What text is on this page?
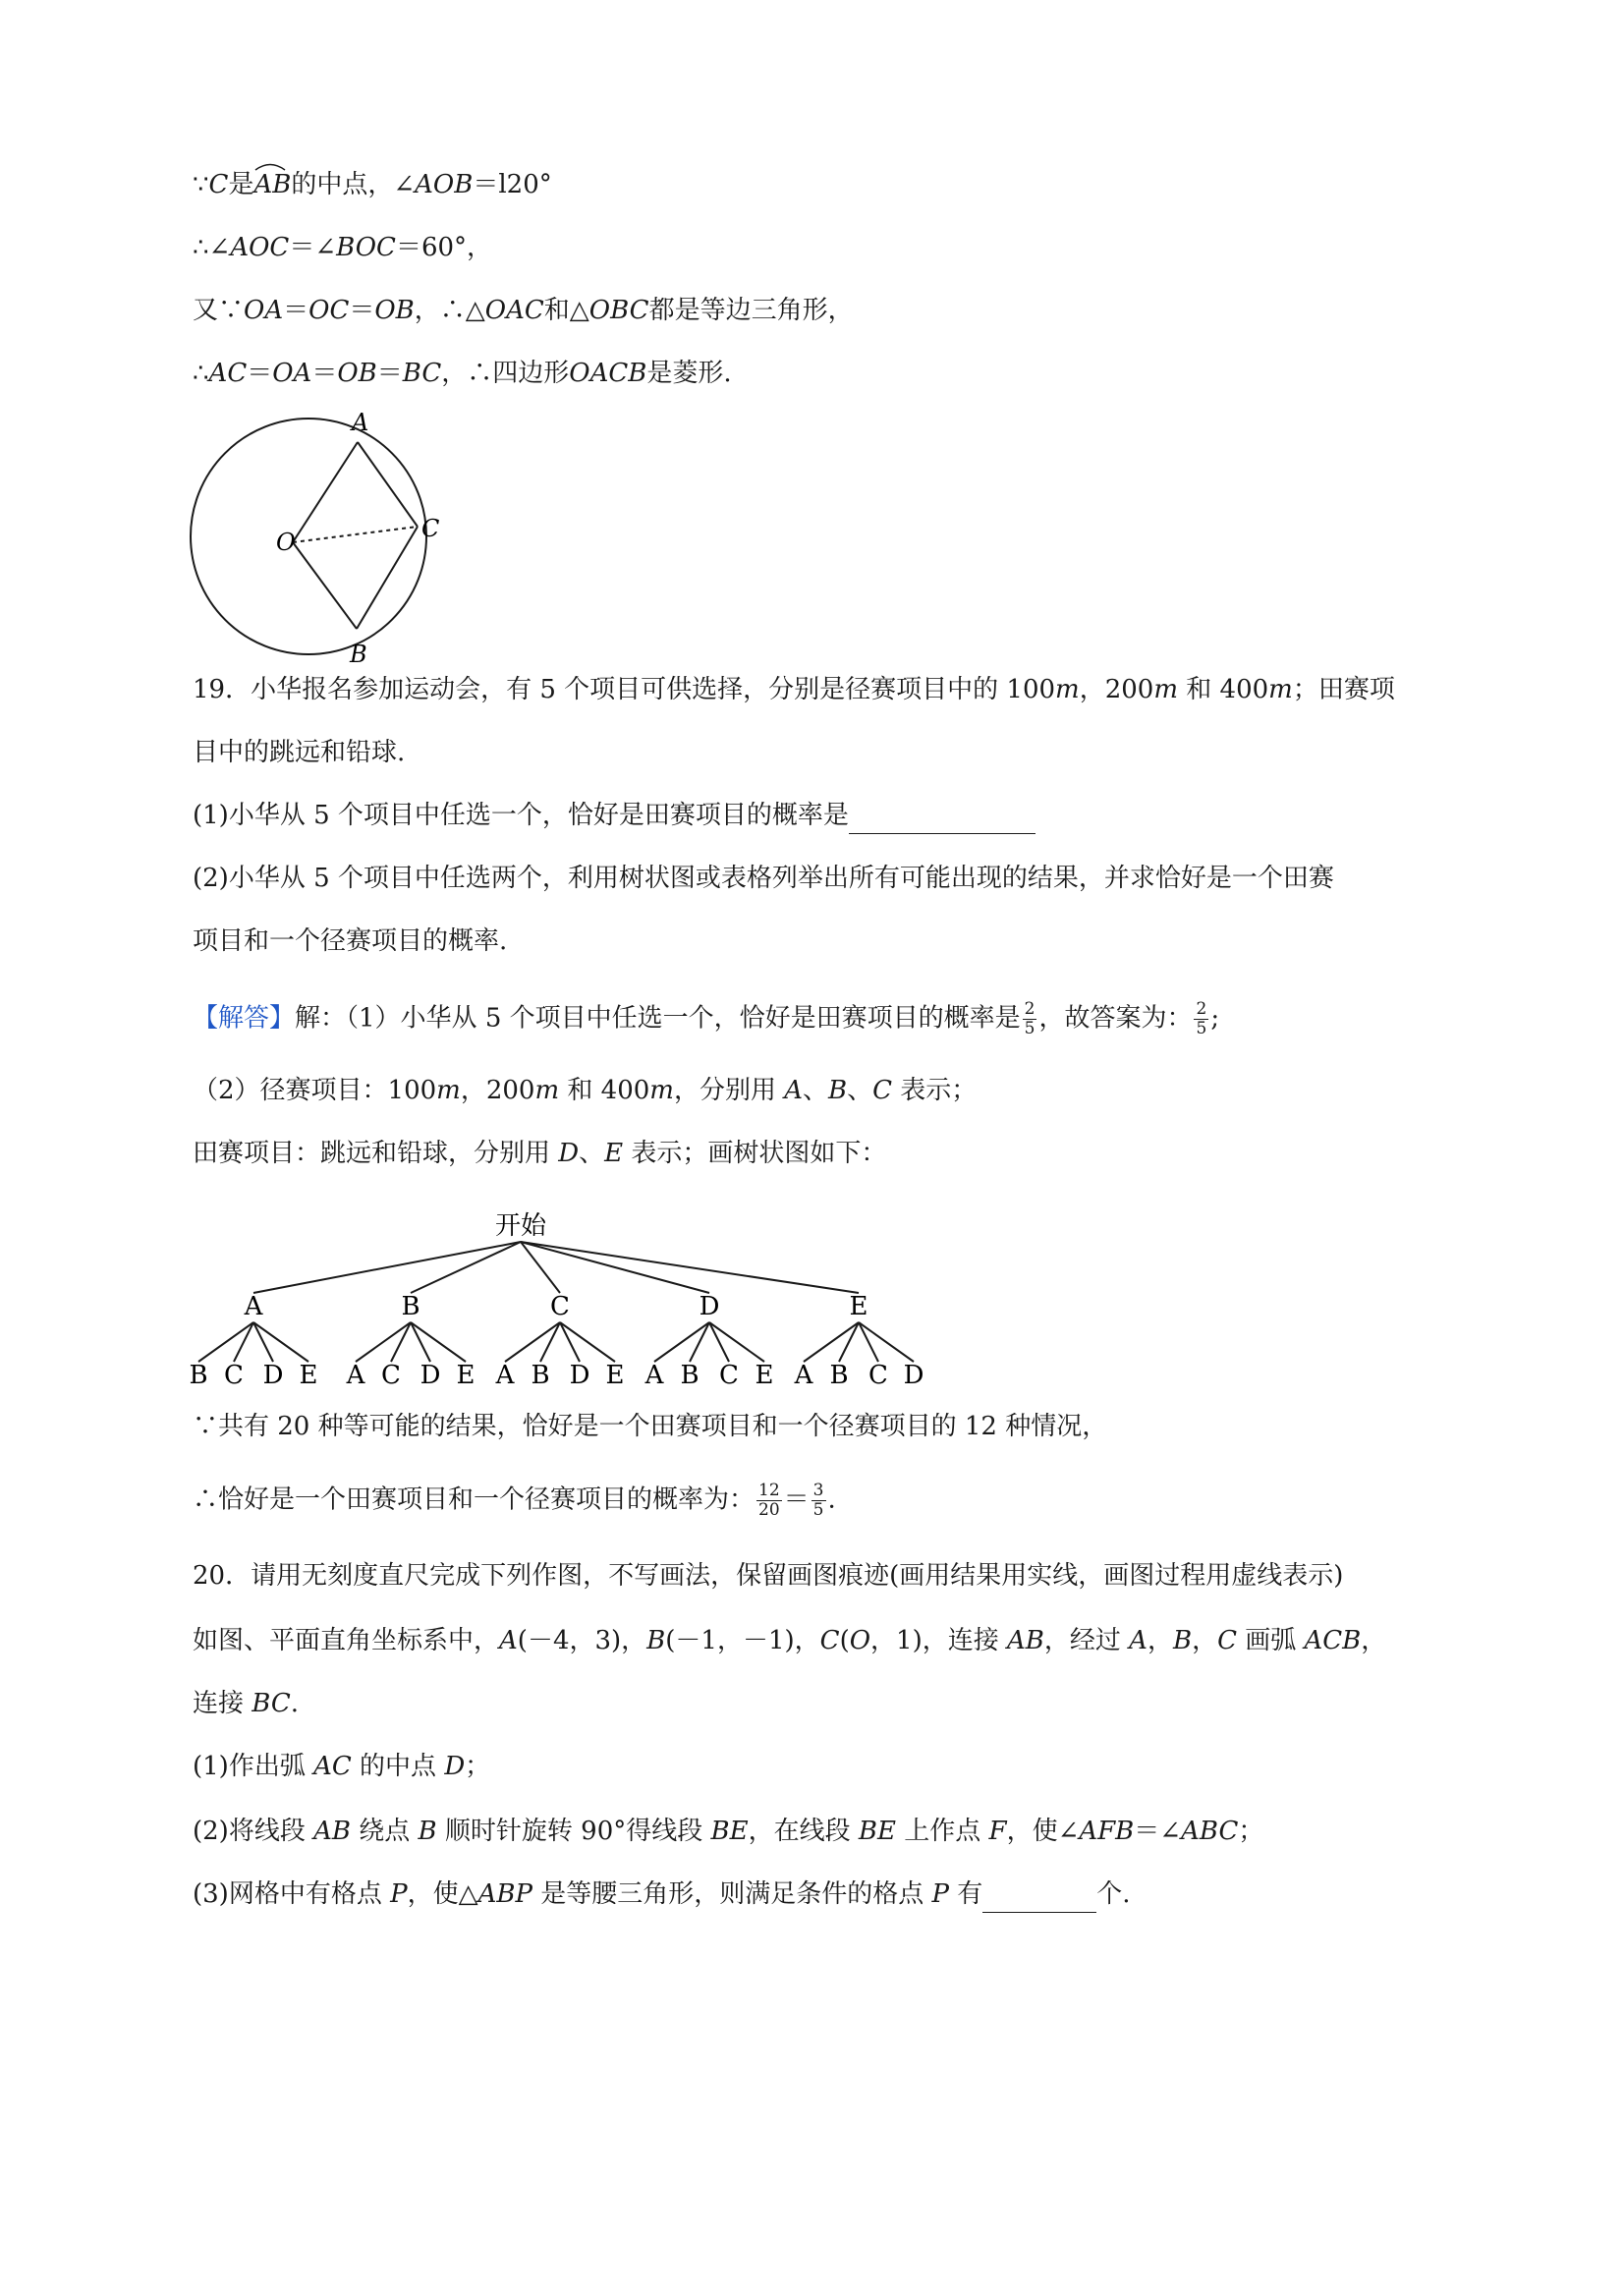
∵C是AB
的中点，∠AOB＝l20°
∴∠AOC＝∠BOC＝60°，
又∵OA＝OC＝OB，∴△OAC和△OBC都是等边三角形，
∴AC＝OA＝OB＝BC，∴四边形OACB是菱形.
A
C
B
O
19．小华报名参加运动会，有 5 个项目可供选择，分别是径赛项目中的 100m，200m 和 400m；田赛项
目中的跳远和铅球.
(1)小华从 5 个项目中任选一个，恰好是田赛项目的概率是
(2)小华从 5 个项目中任选两个，利用树状图或表格列举出所有可能出现的结果，并求恰好是一个田赛
项目和一个径赛项目的概率.
【解答】解：（1）小华从 5 个项目中任选一个，恰好是田赛项目的概率是 $\frac{2}{5}$ ，故答案为： $\frac{2}{5}$ ;
（2）径赛项目：100m，200m 和 400m，分别用 A、B、C 表示；
田赛项目：跳远和铅球，分别用 D、E 表示；画树状图如下：
开始
A
B C D E
B
A C D E
C
A B D E
D
A B C E
E
A B C D
∵共有 20 种等可能的结果，恰好是一个田赛项目和一个径赛项目的 12 种情况，
∴恰好是一个田赛项目和一个径赛项目的概率为： $\frac{12}{20} = \frac{3}{5}$ .
20．请用无刻度直尺完成下列作图，不写画法，保留画图痕迹(画用结果用实线，画图过程用虚线表示)
如图、平面直角坐标系中，A(－4，3)，B(－1，－1)，C(O，1)，连接 AB，经过 A，B，C 画弧 ACB，
连接 BC.
(1)作出弧 AC 的中点 D；
(2)将线段 AB 绕点 B 顺时针旋转 90°得线段 BE，在线段 BE 上作点 F，使∠AFB＝∠ABC；
(3)网格中有格点 P，使△ABP 是等腰三角形，则满足条件的格点 P 有	个.
